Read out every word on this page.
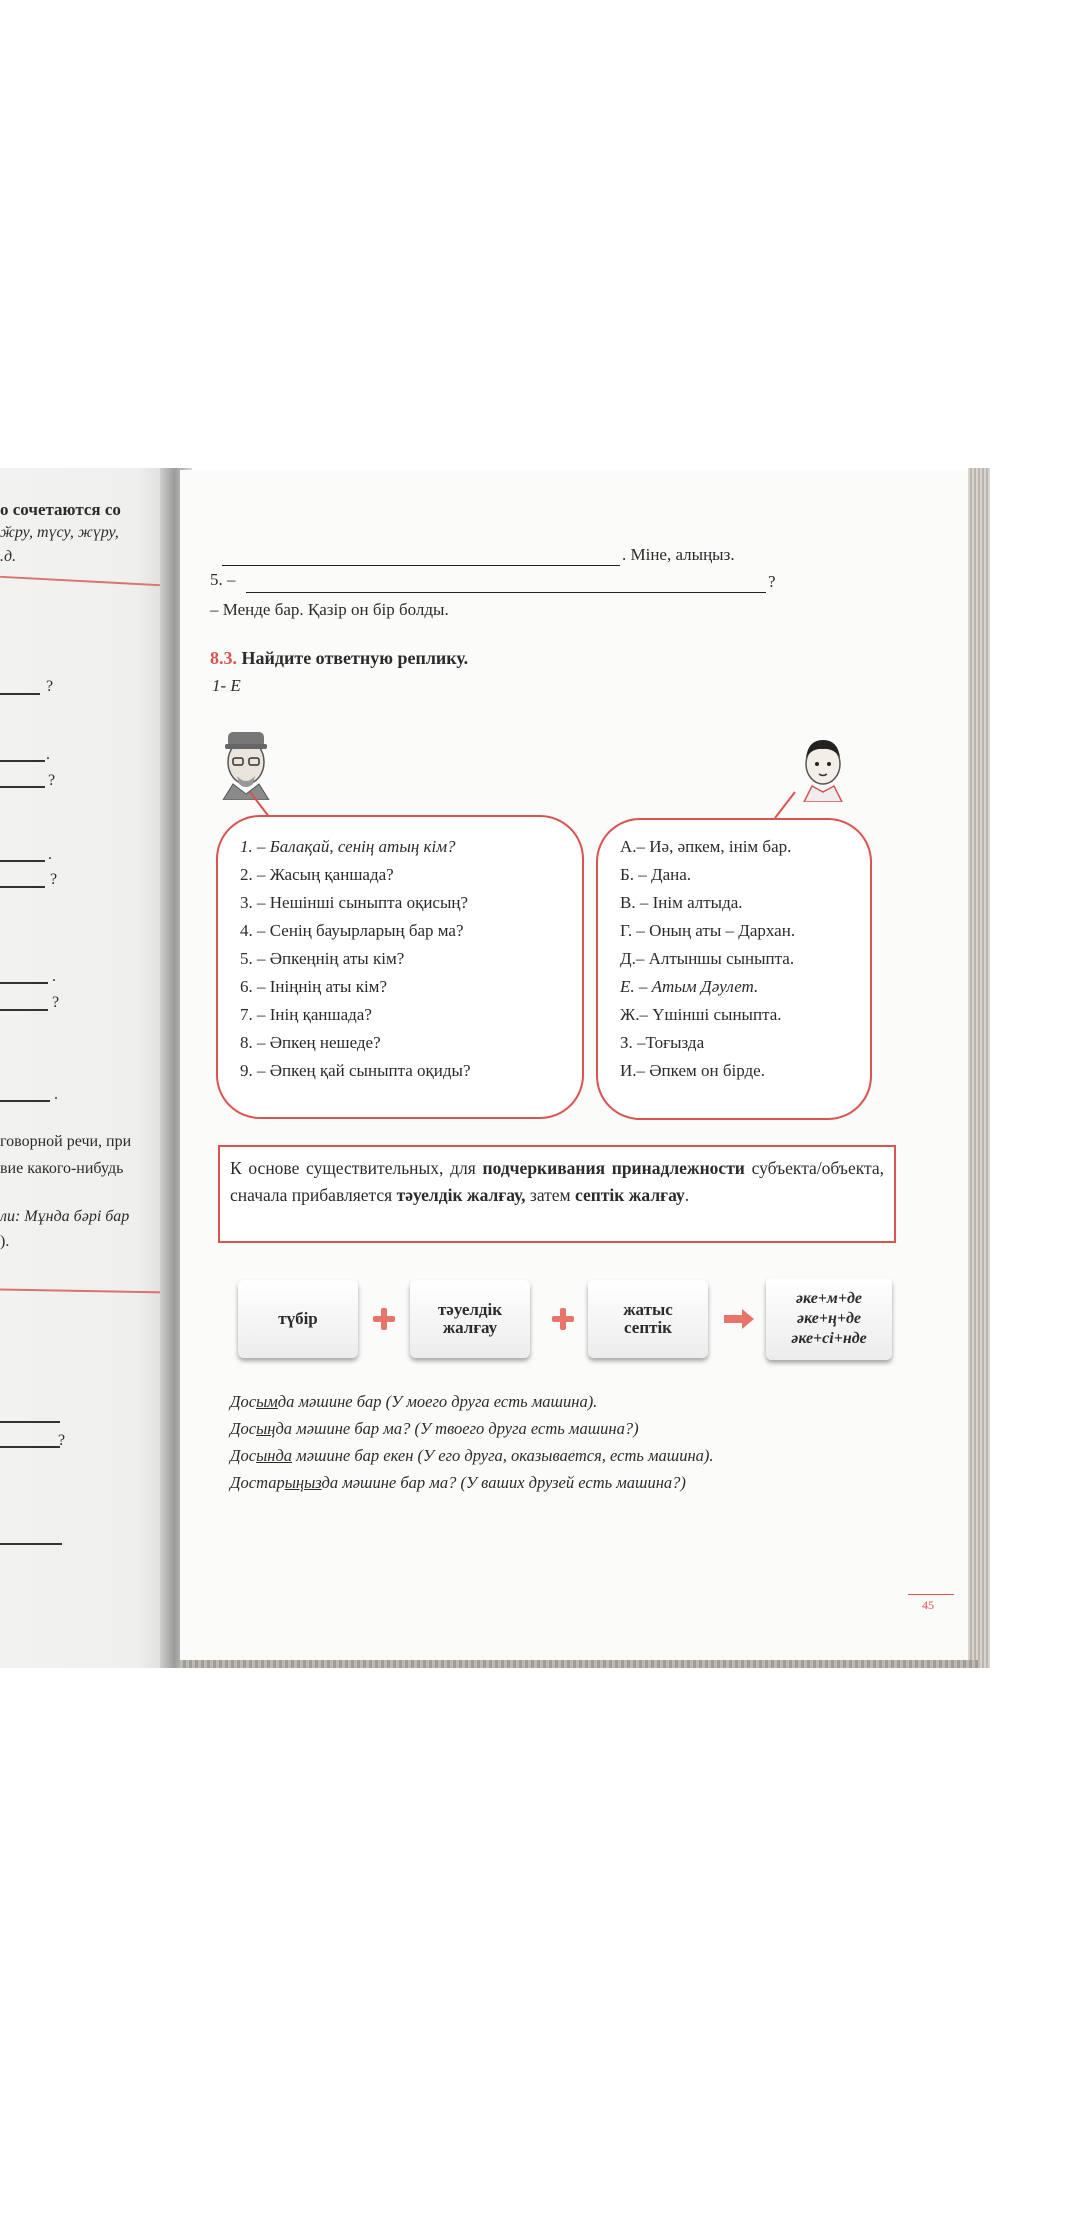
о сочетаются со
ӂру, түсу, жүру,
.д.
?
.
?
.
?
.
?
.
говорной речи, при
вие какого-нибудь
ли: Мұнда бәрі бар
).
?
. Міне, алыңыз.
5. –	?
– Менде бар. Қазір он бір болды.
8.3. Найдите ответную реплику.
1- Е
1. – Балақай, сенің атың кім?
2. – Жасың қаншада?
3. – Нешінші сыныпта оқисың?
4. – Сенің бауырларың бар ма?
5. – Әпкеңнің аты кім?
6. – Інiңнің аты кім?
7. – Інің қаншада?
8. – Әпкең нешеде?
9. – Әпкең қай сыныпта оқиды?
А.– Иә, әпкем, інім бар.
Б. – Дана.
В. – Інім алтыда.
Г. – Оның аты – Дархан.
Д.– Алтыншы сыныпта.
Е. – Атым Дәулет.
Ж.– Үшінші сыныпта.
З. –Тоғызда
И.– Әпкем он бірде.
К основе существительных, для подчеркивания принадлежности субъекта/объекта, сначала прибавляется тәуелдік жалғау, затем септік жалғау.
түбір	тәуелдік
жалғау
жатыс
септік
әке+м+де
әке+ң+де
әке+сі+нде
Досымда мәшине бар (У моего друга есть машина).
Досыңда мәшине бар ма? (У твоего друга есть машина?)
Досында мәшине бар екен (У его друга, оказывается, есть машина).
Достарыңызда мәшине бар ма? (У ваших друзей есть машина?)
45
